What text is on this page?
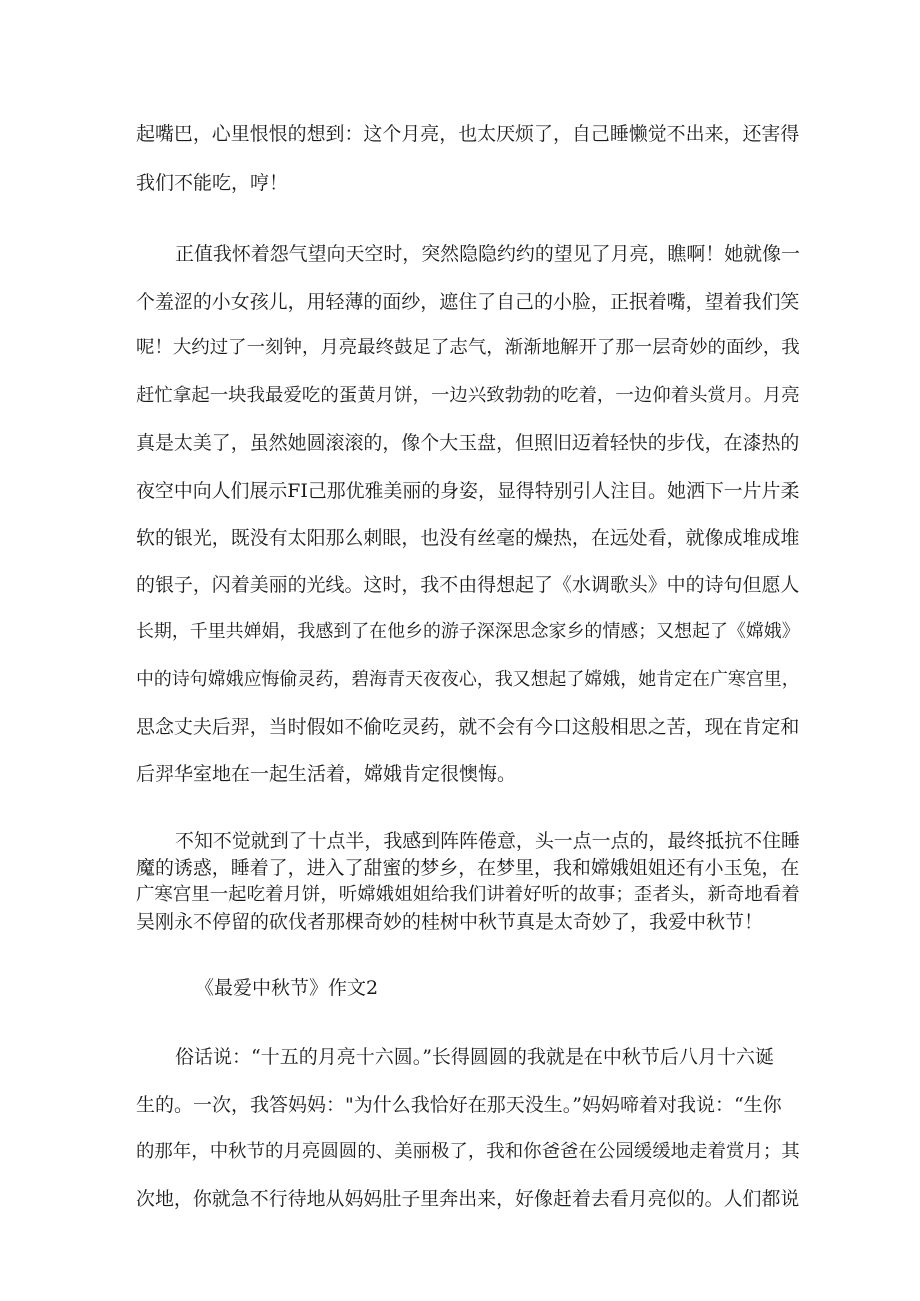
起嘴巴，心里恨恨的想到：这个月亮，也太厌烦了，自己睡懒觉不出来，还害得
我们不能吃，哼！
正值我怀着怨气望向天空时，突然隐隐约约的望见了月亮，瞧啊！她就像一
个羞涩的小女孩儿，用轻薄的面纱，遮住了自己的小脸，正抿着嘴，望着我们笑
呢！大约过了一刻钟，月亮最终鼓足了志气，渐渐地解开了那一层奇妙的面纱，我
赶忙拿起一块我最爱吃的蛋黄月饼，一边兴致勃勃的吃着，一边仰着头赏月。月亮
真是太美了，虽然她圆滚滚的，像个大玉盘，但照旧迈着轻快的步伐，在漆热的
夜空中向人们展示FI己那优雅美丽的身姿，显得特别引人注目。她洒下一片片柔
软的银光，既没有太阳那么刺眼，也没有丝毫的燥热，在远处看，就像成堆成堆
的银子，闪着美丽的光线。这时，我不由得想起了《水调歌头》中的诗句但愿人
长期，千里共婵娟，我感到了在他乡的游子深深思念家乡的情感；又想起了《嫦娥》
中的诗句嫦娥应悔偷灵药，碧海青天夜夜心，我又想起了嫦娥，她肯定在广寒宫里，
思念丈夫后羿，当时假如不偷吃灵药，就不会有今口这般相思之苦，现在肯定和
后羿华室地在一起生活着，嫦娥肯定很懊悔。
不知不觉就到了十点半，我感到阵阵倦意，头一点一点的，最终抵抗不住睡
魔的诱惑，睡着了，进入了甜蜜的梦乡，在梦里，我和嫦娥姐姐还有小玉兔，在
广寒宫里一起吃着月饼，听嫦娥姐姐给我们讲着好听的故事；歪者头，新奇地看着
吴刚永不停留的砍伐者那棵奇妙的桂树中秋节真是太奇妙了，我爱中秋节！
《最爱中秋节》作文2
俗话说：“十五的月亮十六圆。”长得圆圆的我就是在中秋节后八月十六诞
生的。一次，我答妈妈："为什么我恰好在那天没生。”妈妈啼着对我说：“生你
的那年，中秋节的月亮圆圆的、美丽极了，我和你爸爸在公园缓缓地走着赏月；其
次地，你就急不行待地从妈妈肚子里奔出来，好像赶着去看月亮似的。人们都说
